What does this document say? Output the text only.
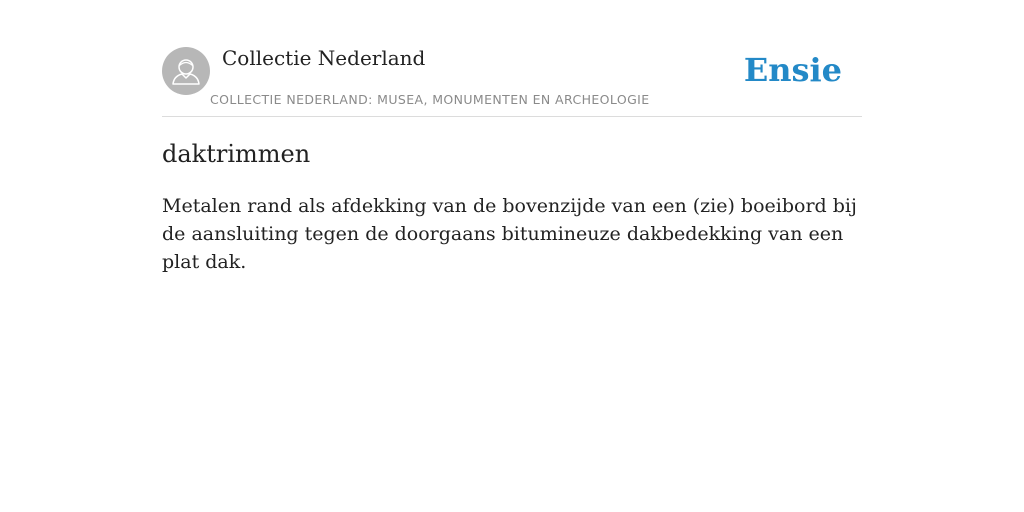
Collectie Nederland
COLLECTIE NEDERLAND: MUSEA, MONUMENTEN EN ARCHEOLOGIE
Ensie
daktrimmen

Metalen rand als afdekking van de bovenzijde van een (zie) boeibord bij de aansluiting tegen de doorgaans bitumineuze dakbedekking van een plat dak.
